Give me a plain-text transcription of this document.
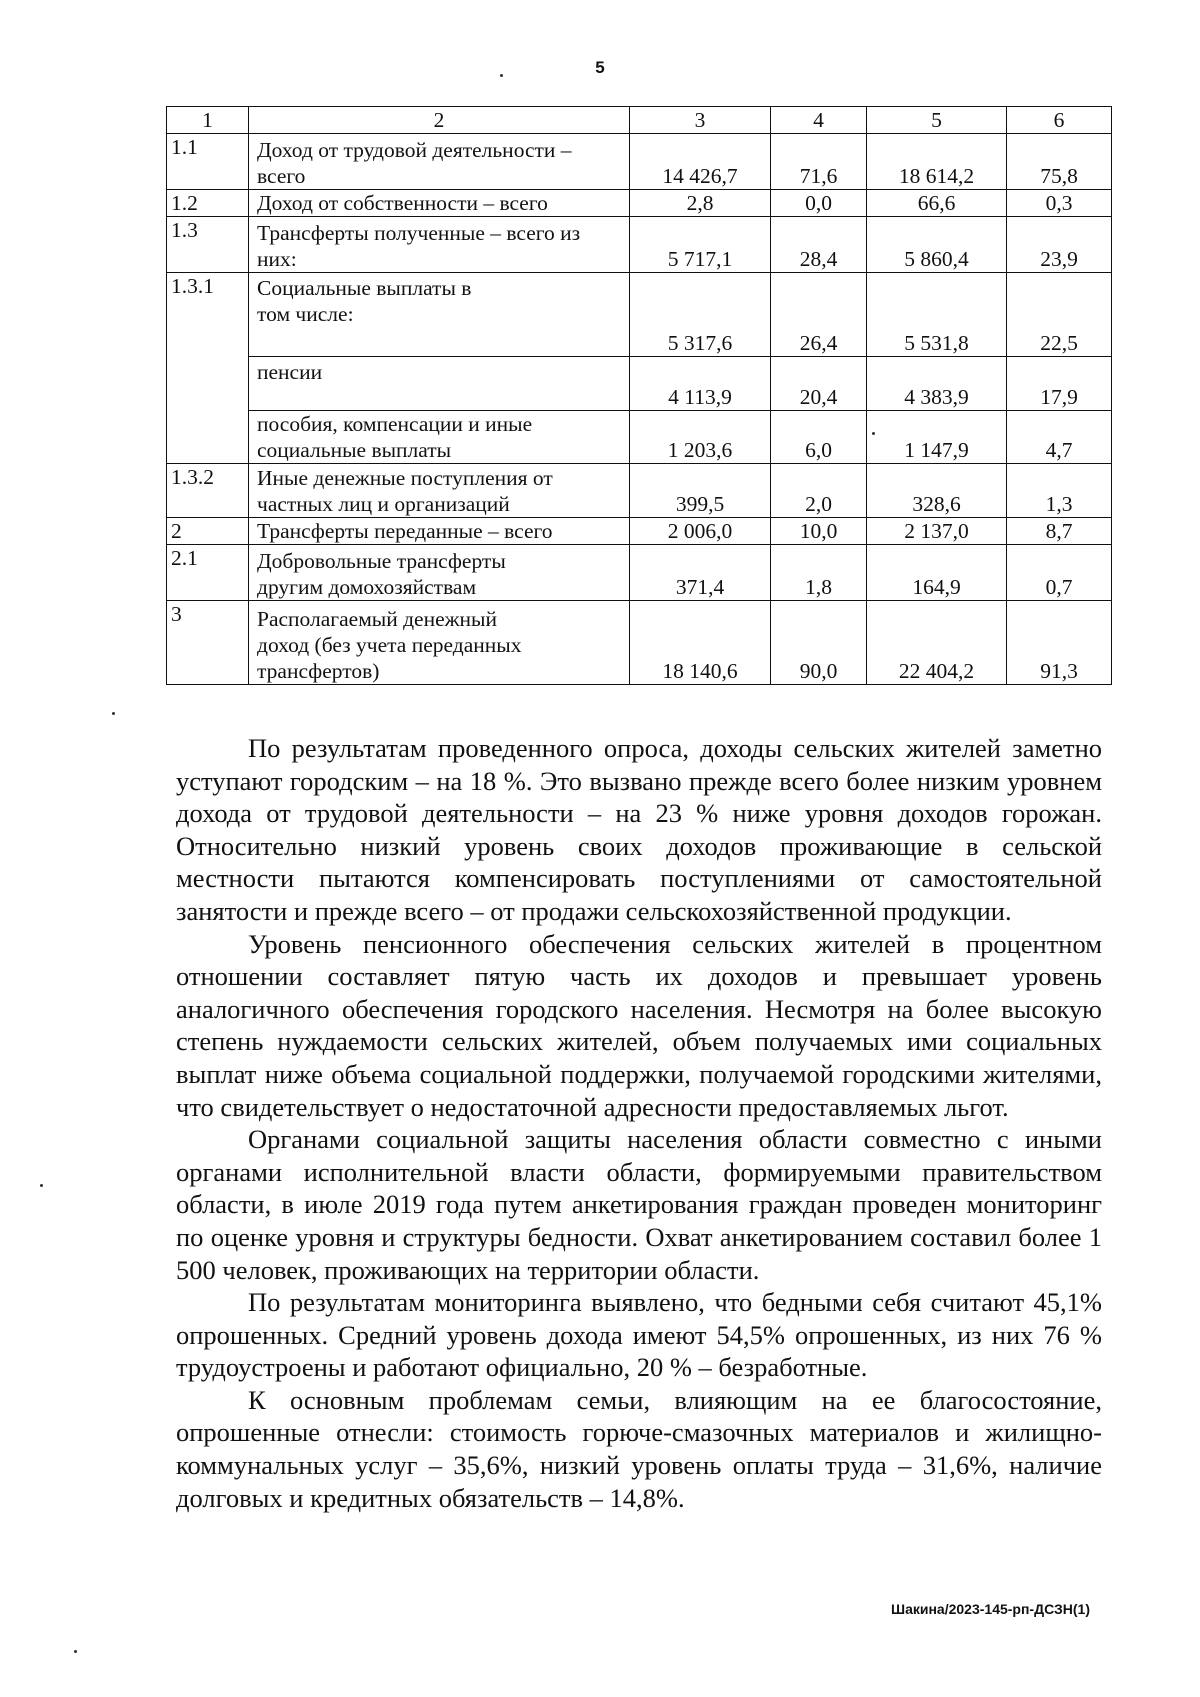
5
1	2	3	4	5	6
1.1	Доход от трудовой деятельности – всего	14 426,7	71,6	18 614,2	75,8
1.2	Доход от собственности – всего	2,8	0,0	66,6	0,3
1.3	Трансферты полученные – всего из них:	5 717,1	28,4	5 860,4	23,9
1.3.1	Социальные выплаты в том числе:	5 317,6	26,4	5 531,8	22,5
	пенсии	4 113,9	20,4	4 383,9	17,9
	пособия, компенсации и иные социальные выплаты	1 203,6	6,0	1 147,9	4,7
1.3.2	Иные денежные поступления от частных лиц и организаций	399,5	2,0	328,6	1,3
2	Трансферты переданные – всего	2 006,0	10,0	2 137,0	8,7
2.1	Добровольные трансферты другим домохозяйствам	371,4	1,8	164,9	0,7
3	Располагаемый денежный доход (без учета переданных трансфертов)	18 140,6	90,0	22 404,2	91,3

По результатам проведенного опроса, доходы сельских жителей заметно уступают городским – на 18 %. Это вызвано прежде всего более низким уровнем дохода от трудовой деятельности – на 23 % ниже уровня доходов горожан. Относительно низкий уровень своих доходов проживающие в сельской местности пытаются компенсировать поступлениями от самостоятельной занятости и прежде всего – от продажи сельскохозяйственной продукции.

Уровень пенсионного обеспечения сельских жителей в процентном отношении составляет пятую часть их доходов и превышает уровень аналогичного обеспечения городского населения. Несмотря на более высокую степень нуждаемости сельских жителей, объем получаемых ими социальных выплат ниже объема социальной поддержки, получаемой городскими жителями, что свидетельствует о недостаточной адресности предоставляемых льгот.

Органами социальной защиты населения области совместно с иными органами исполнительной власти области, формируемыми правительством области, в июле 2019 года путем анкетирования граждан проведен мониторинг по оценке уровня и структуры бедности. Охват анкетированием составил более 1 500 человек, проживающих на территории области.

По результатам мониторинга выявлено, что бедными себя считают 45,1% опрошенных. Средний уровень дохода имеют 54,5% опрошенных, из них 76 % трудоустроены и работают официально, 20 % – безработные.

К основным проблемам семьи, влияющим на ее благосостояние, опрошенные отнесли: стоимость горюче-смазочных материалов и жилищно-коммунальных услуг – 35,6%, низкий уровень оплаты труда – 31,6%, наличие долговых и кредитных обязательств – 14,8%.

Шакина/2023-145-рп-ДСЗН(1)
